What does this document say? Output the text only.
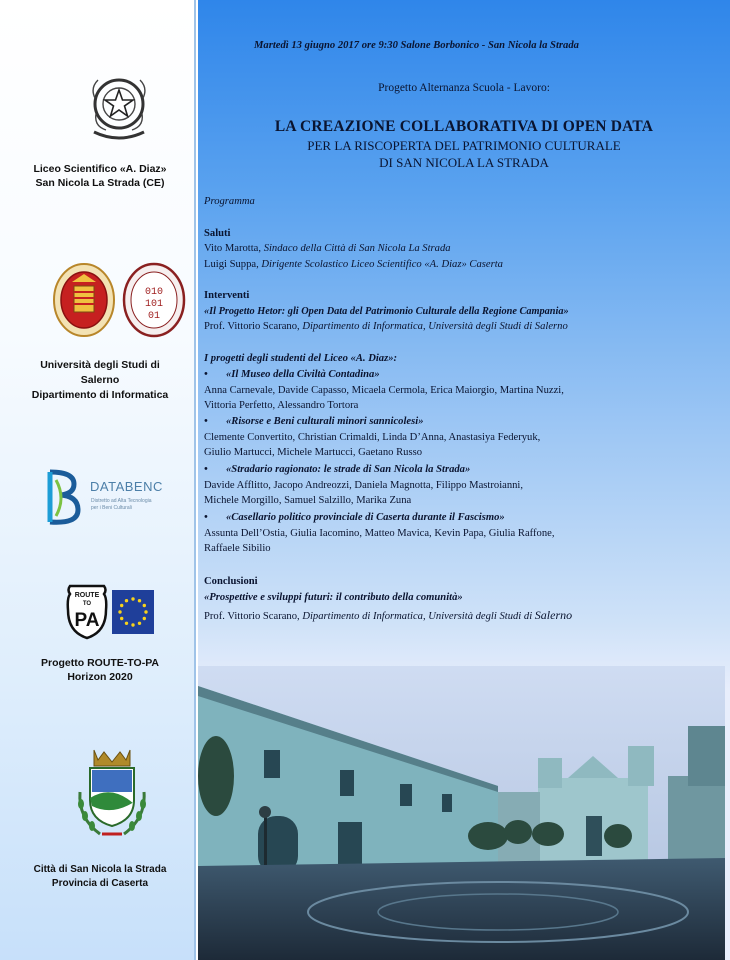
Liceo Scientifico «A. Diaz»
San Nicola La Strada (CE)
010
101
01
Università degli Studi di
Salerno
Dipartimento di Informatica
DATABENC
Distretto ad Alta Tecnologia
per i Beni Culturali
ROUTE
TO
PA
Progetto ROUTE-TO-PA
Horizon 2020
Città di San Nicola la Strada
Provincia di Caserta
Martedì 13 giugno 2017 ore 9:30 Salone Borbonico - San Nicola la Strada
Progetto Alternanza Scuola - Lavoro:
LA CREAZIONE COLLABORATIVA DI OPEN DATA
PER LA RISCOPERTA DEL PATRIMONIO CULTURALE
DI SAN NICOLA LA STRADA
Programma
Saluti
Vito Marotta, Sindaco della Città di San Nicola La Strada
Luigi Suppa, Dirigente Scolastico Liceo Scientifico «A. Diaz» Caserta
Interventi
«Il Progetto Hetor: gli Open Data del Patrimonio Culturale della Regione Campania»
Prof. Vittorio Scarano, Dipartimento di Informatica, Università degli Studi di Salerno
I progetti degli studenti del Liceo «A. Diaz»:
• «Il Museo della Civiltà Contadina»
Anna Carnevale, Davide Capasso, Micaela Cermola, Erica Maiorgio, Martina Nuzzi,
Vittoria Perfetto, Alessandro Tortora
• «Risorse e Beni culturali minori sannicolesi»
Clemente Convertito, Christian Crimaldi, Linda D’Anna, Anastasiya Federyuk,
Giulio Martucci, Michele Martucci, Gaetano Russo
• «Stradario ragionato: le strade di San Nicola la Strada»
Davide Afflitto, Jacopo Andreozzi, Daniela Magnotta, Filippo Mastroianni,
Michele Morgillo, Samuel Salzillo, Marika Zuna
• «Casellario politico provinciale di Caserta durante il Fascismo»
Assunta Dell’Ostia, Giulia Iacomino, Matteo Mavica, Kevin Papa, Giulia Raffone,
Raffaele Sibilio
Conclusioni
«Prospettive e sviluppi futuri: il contributo della comunità»
Prof. Vittorio Scarano, Dipartimento di Informatica, Università degli Studi di Salerno
